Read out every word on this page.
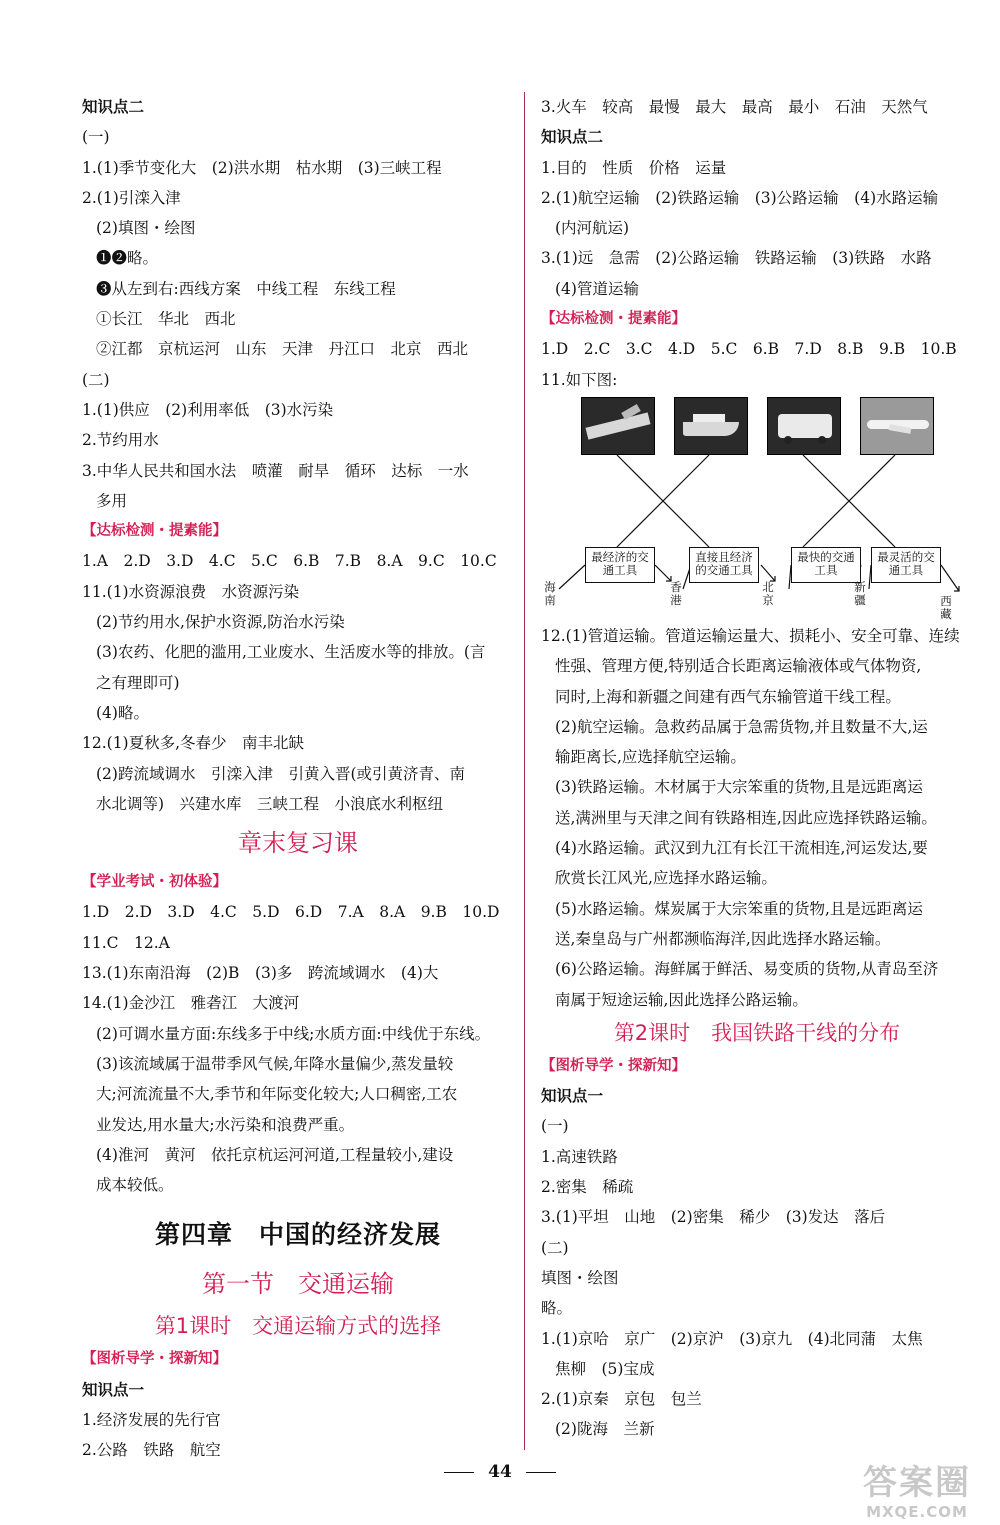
知识点二
(一)
1.(1)季节变化大　(2)洪水期　枯水期　(3)三峡工程
2.(1)引滦入津
(2)填图・绘图
❶❷略。
❸从左到右:西线方案　中线工程　东线工程
①长江　华北　西北
②江都　京杭运河　山东　天津　丹江口　北京　西北
(二)
1.(1)供应　(2)利用率低　(3)水污染
2.节约用水
3.中华人民共和国水法　喷灌　耐旱　循环　达标　一水
多用
【达标检测・提素能】
1.A　2.D　3.D　4.C　5.C　6.B　7.B　8.A　9.C　10.C
11.(1)水资源浪费　水资源污染
(2)节约用水,保护水资源,防治水污染
(3)农药、化肥的滥用,工业废水、生活废水等的排放。(言
之有理即可)
(4)略。
12.(1)夏秋多,冬春少　南丰北缺
(2)跨流域调水　引滦入津　引黄入晋(或引黄济青、南
水北调等)　兴建水库　三峡工程　小浪底水利枢纽
章末复习课
【学业考试・初体验】
1.D　2.D　3.D　4.C　5.D　6.D　7.A　8.A　9.B　10.D
11.C　12.A
13.(1)东南沿海　(2)B　(3)多　跨流域调水　(4)大
14.(1)金沙江　雅砻江　大渡河
(2)可调水量方面:东线多于中线;水质方面:中线优于东线。
(3)该流域属于温带季风气候,年降水量偏少,蒸发量较
大;河流流量不大,季节和年际变化较大;人口稠密,工农
业发达,用水量大;水污染和浪费严重。
(4)淮河　黄河　依托京杭运河河道,工程量较小,建设
成本较低。
第四章　中国的经济发展
第一节　交通运输
第1课时　交通运输方式的选择
【图析导学・探新知】
知识点一
1.经济发展的先行官
2.公路　铁路　航空
3.火车　较高　最慢　最大　最高　最小　石油　天然气
知识点二
1.目的　性质　价格　运量
2.(1)航空运输　(2)铁路运输　(3)公路运输　(4)水路运输
(内河航运)
3.(1)远　急需　(2)公路运输　铁路运输　(3)铁路　水路
(4)管道运输
【达标检测・提素能】
1.D　2.C　3.C　4.D　5.C　6.B　7.D　8.B　9.B　10.B
11.如下图:
最经济的交通工具
直接且经济的交通工具
最快的交通工具
最灵活的交通工具
海南
香港
北京
新疆	西藏
12.(1)管道运输。管道运输运量大、损耗小、安全可靠、连续
性强、管理方便,特别适合长距离运输液体或气体物资,
同时,上海和新疆之间建有西气东输管道干线工程。
(2)航空运输。急救药品属于急需货物,并且数量不大,运
输距离长,应选择航空运输。
(3)铁路运输。木材属于大宗笨重的货物,且是远距离运
送,满洲里与天津之间有铁路相连,因此应选择铁路运输。
(4)水路运输。武汉到九江有长江干流相连,河运发达,要
欣赏长江风光,应选择水路运输。
(5)水路运输。煤炭属于大宗笨重的货物,且是远距离运
送,秦皇岛与广州都濒临海洋,因此选择水路运输。
(6)公路运输。海鲜属于鲜活、易变质的货物,从青岛至济
南属于短途运输,因此选择公路运输。
第2课时　我国铁路干线的分布
【图析导学・探新知】
知识点一
(一)
1.高速铁路
2.密集　稀疏
3.(1)平坦　山地　(2)密集　稀少　(3)发达　落后
(二)
填图・绘图
略。
1.(1)京哈　京广　(2)京沪　(3)京九　(4)北同蒲　太焦
焦柳　(5)宝成
2.(1)京秦　京包　包兰
(2)陇海　兰新
44	答案圈
MXQE.COM
